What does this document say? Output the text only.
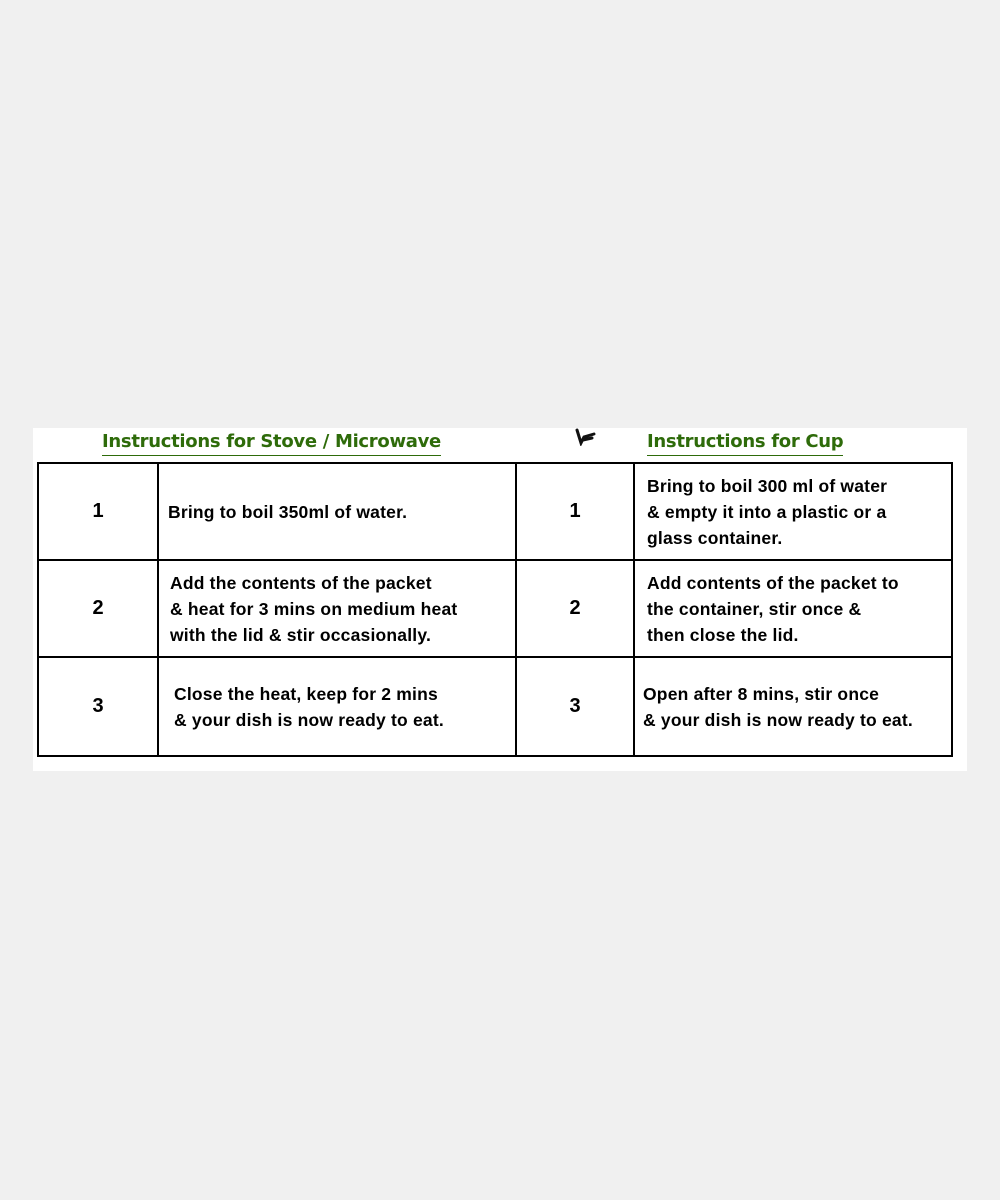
Instructions for Stove / Microwave	Instructions for Cup
1	Bring to boil 350ml of water.	1	Bring to boil 300 ml of water
& empty it into a plastic or a
glass container.
2	Add the contents of the packet
& heat for 3 mins on medium heat
with the lid & stir occasionally.	2	Add contents of the packet to
the container, stir once &
then close the lid.
3	Close the heat, keep for 2 mins
& your dish is now ready to eat.	3	Open after 8 mins, stir once
& your dish is now ready to eat.
